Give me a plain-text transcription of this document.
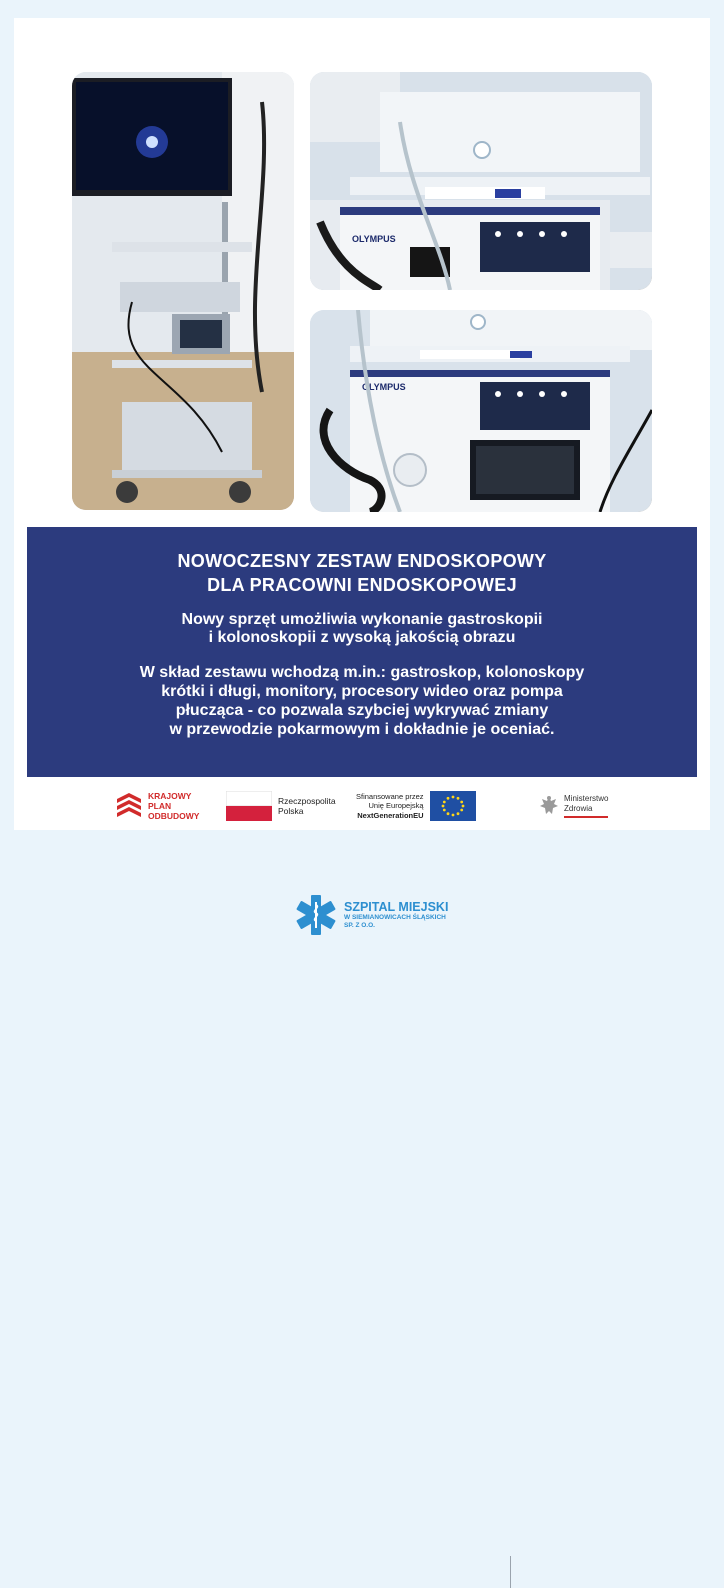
OLYMPUS
OLYMPUS

NOWOCZESNY ZESTAW ENDOSKOPOWY
DLA PRACOWNI ENDOSKOPOWEJ

Nowy sprzęt umożliwia wykonanie gastroskopii
i kolonoskopii z wysoką jakością obrazu

W skład zestawu wchodzą m.in.: gastroskop, kolonoskopy
krótki i długi, monitory, procesory wideo oraz pompa
płucząca - co pozwala szybciej wykrywać zmiany
w przewodzie pokarmowym i dokładnie je oceniać.

KRAJOWY
PLAN
ODBUDOWY
Rzeczpospolita
Polska
Sfinansowane przez
Unię Europejską
NextGenerationEU
Ministerstwo
Zdrowia
SZPITAL MIEJSKI
W SIEMIANOWICACH ŚLĄSKICH
SP. Z O.O.
